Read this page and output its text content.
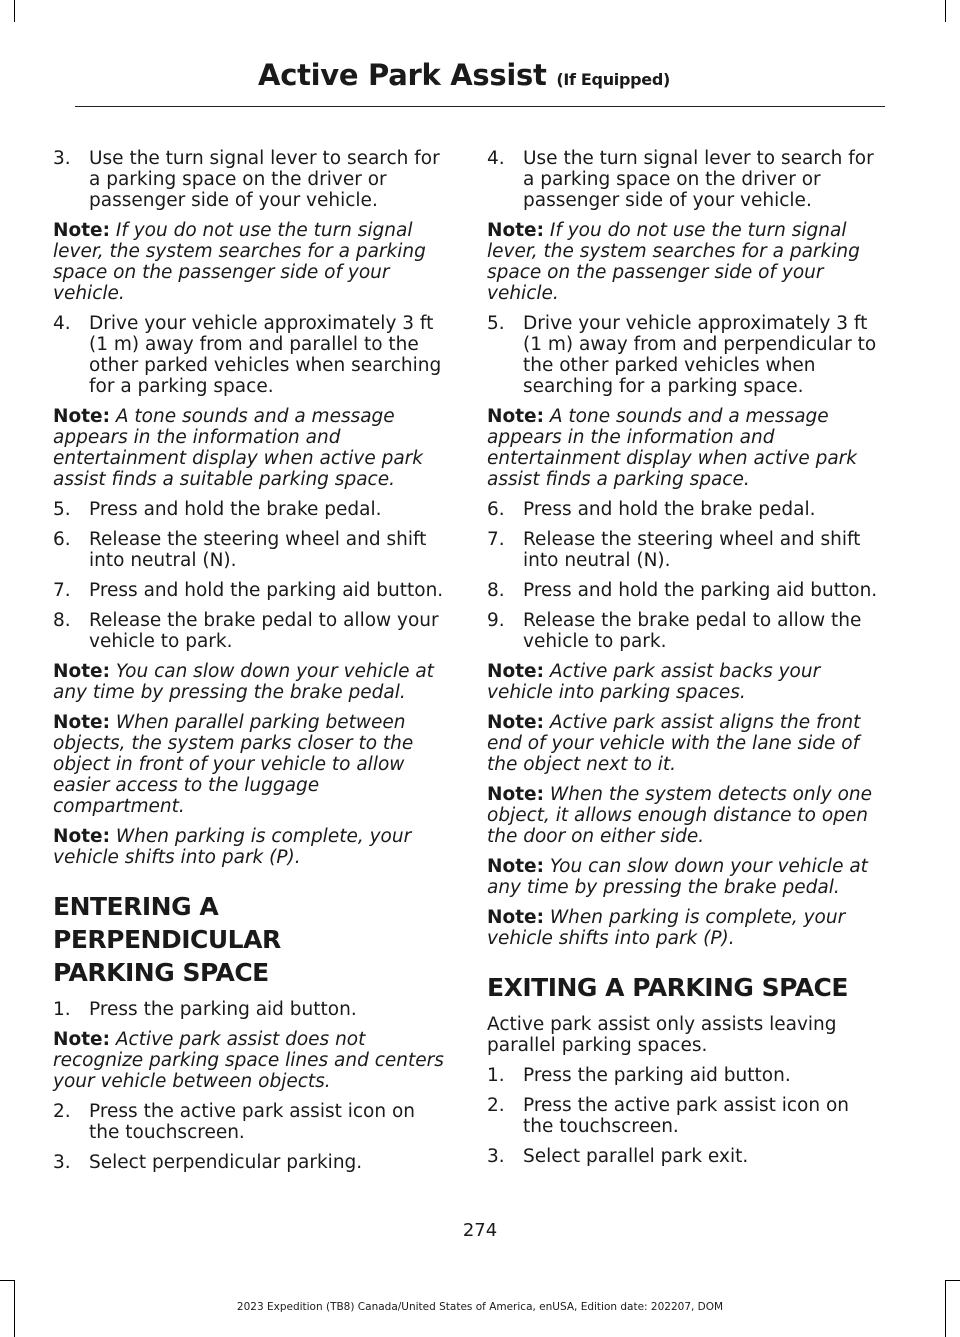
Active Park Assist (If Equipped)
3. Use the turn signal lever to search for a parking space on the driver or passenger side of your vehicle.
Note: If you do not use the turn signal lever, the system searches for a parking space on the passenger side of your vehicle.
4. Drive your vehicle approximately 3 ft (1 m) away from and parallel to the other parked vehicles when searching for a parking space.
Note: A tone sounds and a message appears in the information and entertainment display when active park assist finds a suitable parking space.
5. Press and hold the brake pedal.
6. Release the steering wheel and shift into neutral (N).
7. Press and hold the parking aid button.
8. Release the brake pedal to allow your vehicle to park.
Note: You can slow down your vehicle at any time by pressing the brake pedal.
Note: When parallel parking between objects, the system parks closer to the object in front of your vehicle to allow easier access to the luggage compartment.
Note: When parking is complete, your vehicle shifts into park (P).
ENTERING A PERPENDICULAR
PARKING SPACE
1. Press the parking aid button.
Note: Active park assist does not recognize parking space lines and centers your vehicle between objects.
2. Press the active park assist icon on the touchscreen.
3. Select perpendicular parking.
4. Use the turn signal lever to search for a parking space on the driver or passenger side of your vehicle.
Note: If you do not use the turn signal lever, the system searches for a parking space on the passenger side of your vehicle.
5. Drive your vehicle approximately 3 ft (1 m) away from and perpendicular to the other parked vehicles when searching for a parking space.
Note: A tone sounds and a message appears in the information and entertainment display when active park assist finds a parking space.
6. Press and hold the brake pedal.
7. Release the steering wheel and shift into neutral (N).
8. Press and hold the parking aid button.
9. Release the brake pedal to allow the vehicle to park.
Note: Active park assist backs your vehicle into parking spaces.
Note: Active park assist aligns the front end of your vehicle with the lane side of the object next to it.
Note: When the system detects only one object, it allows enough distance to open the door on either side.
Note: You can slow down your vehicle at any time by pressing the brake pedal.
Note: When parking is complete, your vehicle shifts into park (P).
EXITING A PARKING SPACE
Active park assist only assists leaving parallel parking spaces.
1. Press the parking aid button.
2. Press the active park assist icon on the touchscreen.
3. Select parallel park exit.
274
2023 Expedition (TB8) Canada/United States of America, enUSA, Edition date: 202207, DOM
